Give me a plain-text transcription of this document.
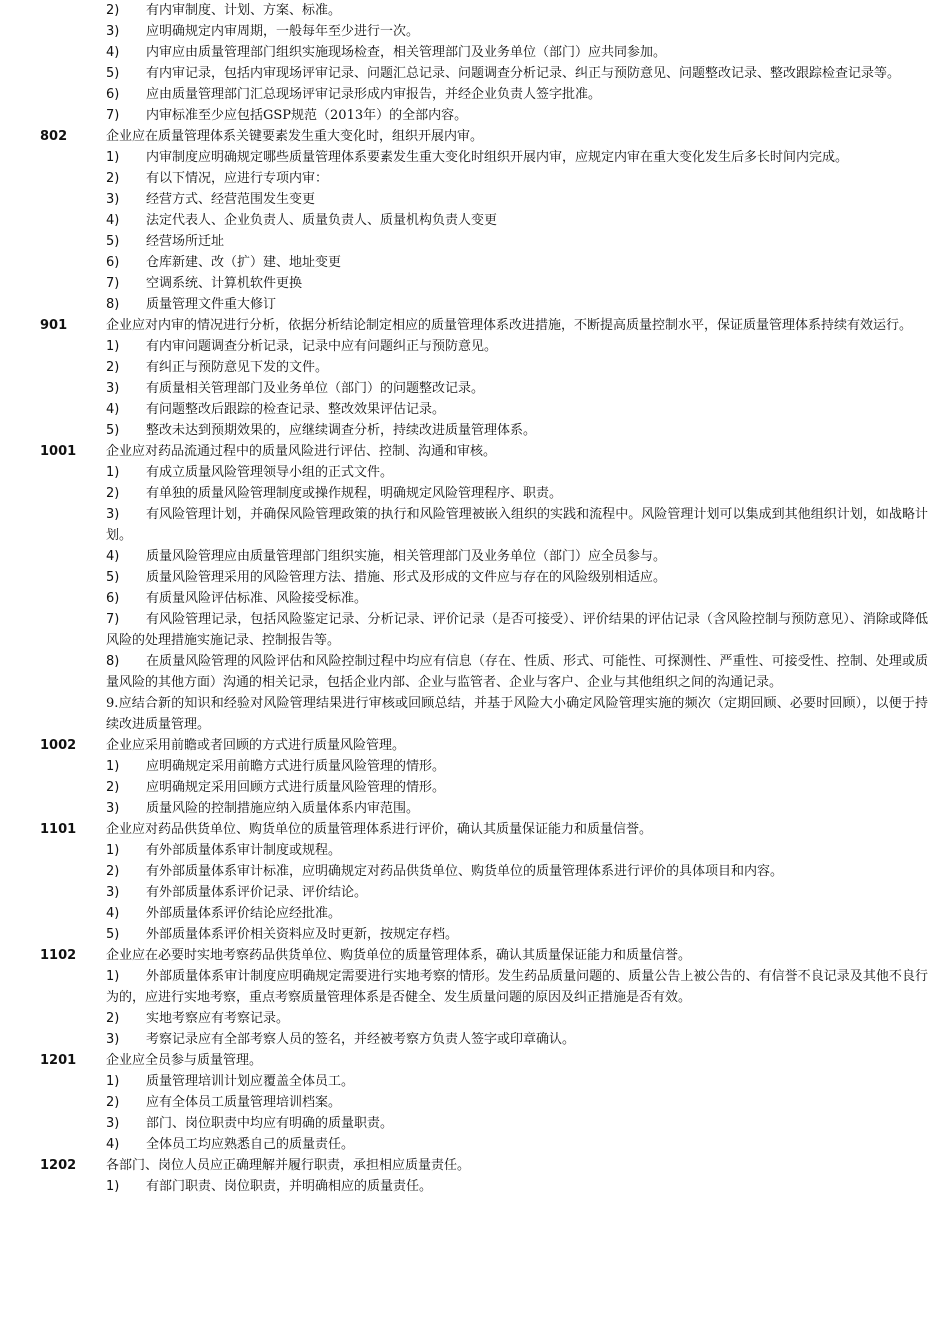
2)	有内审制度、计划、方案、标准。
3)	应明确规定内审周期，一般每年至少进行一次。
4)	内审应由质量管理部门组织实施现场检查，相关管理部门及业务单位（部门）应共同参加。
5)	有内审记录，包括内审现场评审记录、问题汇总记录、问题调查分析记录、纠正与预防意见、问题整改记录、整改跟踪检查记录等。
6)	应由质量管理部门汇总现场评审记录形成内审报告，并经企业负责人签字批准。
7)	内审标准至少应包括GSP规范（2013年）的全部内容。
802	企业应在质量管理体系关键要素发生重大变化时，组织开展内审。

1)	内审制度应明确规定哪些质量管理体系要素发生重大变化时组织开展内审，应规定内审在重大变化发生后多长时间内完成。
2)	有以下情况，应进行专项内审：
3)	经营方式、经营范围发生变更
4)	法定代表人、企业负责人、质量负责人、质量机构负责人变更
5)	经营场所迁址
6)	仓库新建、改（扩）建、地址变更
7)	空调系统、计算机软件更换
8)	质量管理文件重大修订
901	企业应对内审的情况进行分析，依据分析结论制定相应的质量管理体系改进措施，不断提高质量控制水平，保证质量管理体系持续有效运行。

1)	有内审问题调查分析记录，记录中应有问题纠正与预防意见。
2)	有纠正与预防意见下发的文件。
3)	有质量相关管理部门及业务单位（部门）的问题整改记录。
4)	有问题整改后跟踪的检查记录、整改效果评估记录。
5)	整改未达到预期效果的，应继续调查分析，持续改进质量管理体系。
1001 企业应对药品流通过程中的质量风险进行评估、控制、沟通和审核。

1)	有成立质量风险管理领导小组的正式文件。
2)	有单独的质量风险管理制度或操作规程，明确规定风险管理程序、职责。
3)	有风险管理计划，并确保风险管理政策的执行和风险管理被嵌入组织的实践和流程中。风险管理计划可以集成到其他组织计划，如战略计划。
4)	质量风险管理应由质量管理部门组织实施，相关管理部门及业务单位（部门）应全员参与。
5)	质量风险管理采用的风险管理方法、措施、形式及形成的文件应与存在的风险级别相适应。
6)	有质量风险评估标准、风险接受标准。
7)	有风险管理记录，包括风险鉴定记录、分析记录、评价记录（是否可接受）、评价结果的评估记录（含风险控制与预防意见）、消除或降低风险的处理措施实施记录、控制报告等。
8)	在质量风险管理的风险评估和风险控制过程中均应有信息（存在、性质、形式、可能性、可探测性、严重性、可接受性、控制、处理或质量风险的其他方面）沟通的相关记录，包括企业内部、企业与监管者、企业与客户、企业与其他组织之间的沟通记录。
9.应结合新的知识和经验对风险管理结果进行审核或回顾总结，并基于风险大小确定风险管理实施的频次（定期回顾、必要时回顾），以便于持续改进质量管理。
1002 企业应采用前瞻或者回顾的方式进行质量风险管理。

1)	应明确规定采用前瞻方式进行质量风险管理的情形。
2)	应明确规定采用回顾方式进行质量风险管理的情形。
3)	质量风险的控制措施应纳入质量体系内审范围。
1101 企业应对药品供货单位、购货单位的质量管理体系进行评价，确认其质量保证能力和质量信誉。

1)	有外部质量体系审计制度或规程。
2)	有外部质量体系审计标准，应明确规定对药品供货单位、购货单位的质量管理体系进行评价的具体项目和内容。
3)	有外部质量体系评价记录、评价结论。
4)	外部质量体系评价结论应经批准。
5)	外部质量体系评价相关资料应及时更新，按规定存档。
1102 企业应在必要时实地考察药品供货单位、购货单位的质量管理体系，确认其质量保证能力和质量信誉。

1)	外部质量体系审计制度应明确规定需要进行实地考察的情形。发生药品质量问题的、质量公告上被公告的、有信誉不良记录及其他不良行为的，应进行实地考察，重点考察质量管理体系是否健全、发生质量问题的原因及纠正措施是否有效。
2)	实地考察应有考察记录。
3)	考察记录应有全部考察人员的签名，并经被考察方负责人签字或印章确认。
1201 企业应全员参与质量管理。

1)	质量管理培训计划应覆盖全体员工。
2)	应有全体员工质量管理培训档案。
3)	部门、岗位职责中均应有明确的质量职责。
4)	全体员工均应熟悉自己的质量责任。
1202 各部门、岗位人员应正确理解并履行职责，承担相应质量责任。

1)	有部门职责、岗位职责，并明确相应的质量责任。
